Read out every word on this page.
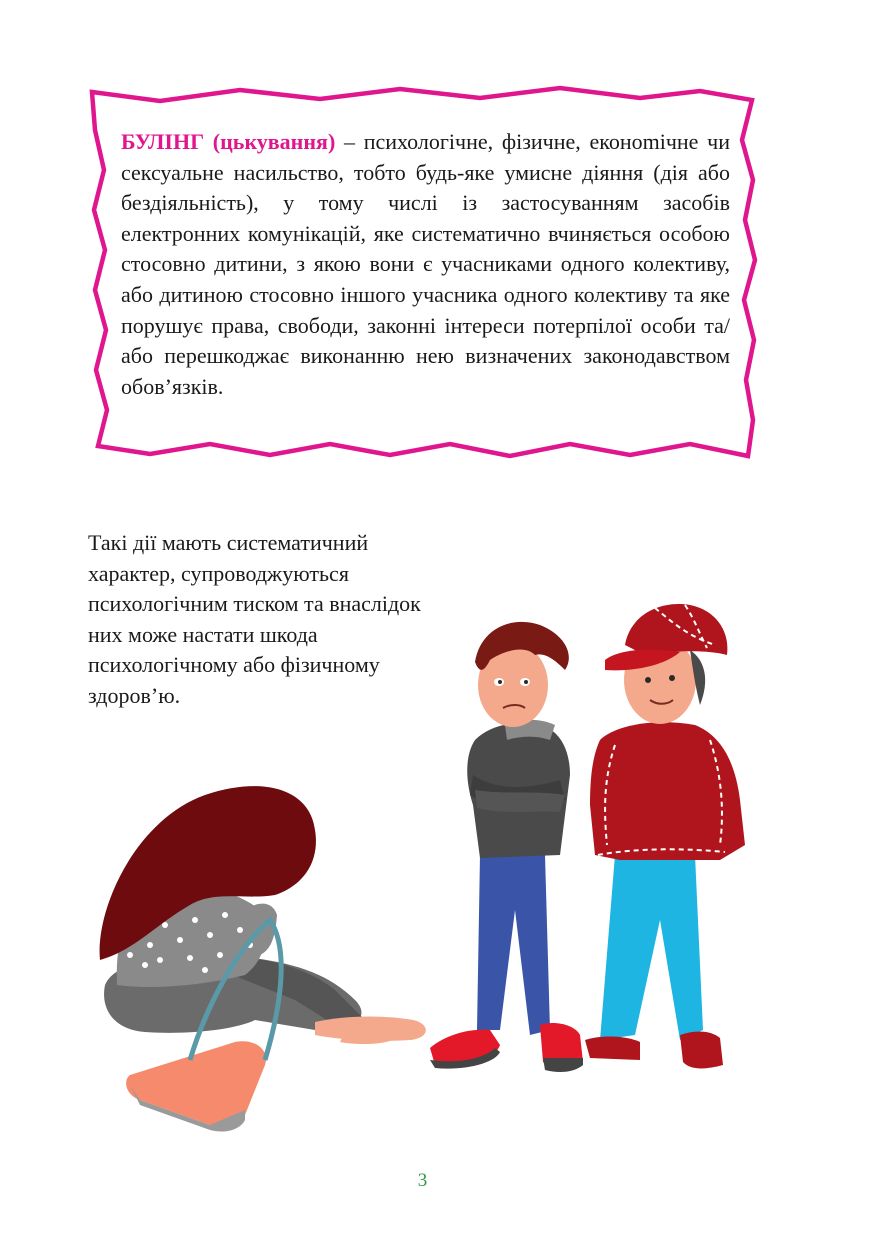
БУЛІНГ (цькування) – психологічне, фізичне, еконоmічне чи сексуальне насильство, тобто будь-яке умисне діяння (дія або бездіяльність), у тому числі із застосуванням засобів електронних комунікацій, яке систематично вчиняється особою стосовно дитини, з якою вони є учасниками одного колективу, або дитиною стосовно іншого учасника одного колективу та яке порушує права, свободи, законні інтереси потерпілої особи та/або перешкоджає виконанню нею визначених законодавством обов’язків.
Такі дії мають систематичний характер, супроводжуються психологічним тиском та внаслідок них може настати шкода психологічному або фізичному здоров’ю.
3
